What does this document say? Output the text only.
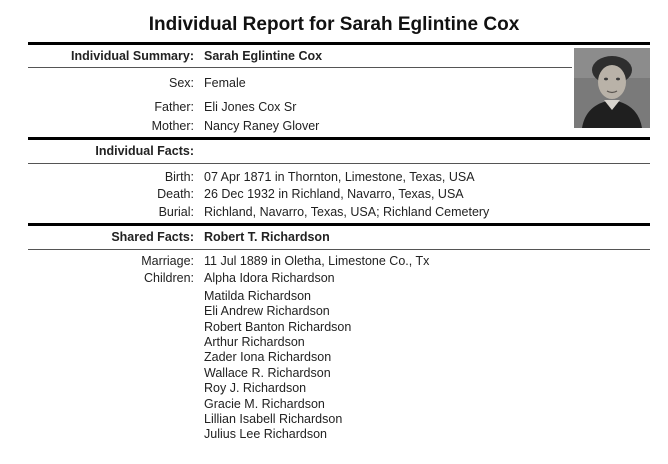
Individual Report for Sarah Eglintine Cox
Individual Summary: Sarah Eglintine Cox
Sex: Female
Father: Eli Jones Cox Sr
Mother: Nancy Raney Glover
Individual Facts:
Birth: 07 Apr 1871 in Thornton, Limestone, Texas, USA
Death: 26 Dec 1932 in Richland, Navarro, Texas, USA
Burial: Richland, Navarro, Texas, USA; Richland Cemetery
Shared Facts: Robert T. Richardson
Marriage: 11 Jul 1889 in Oletha, Limestone Co., Tx
Children: Alpha Idora Richardson
Matilda Richardson
Eli Andrew Richardson
Robert Banton Richardson
Arthur Richardson
Zader Iona Richardson
Wallace R. Richardson
Roy J. Richardson
Gracie M. Richardson
Lillian Isabell Richardson
Julius Lee Richardson
